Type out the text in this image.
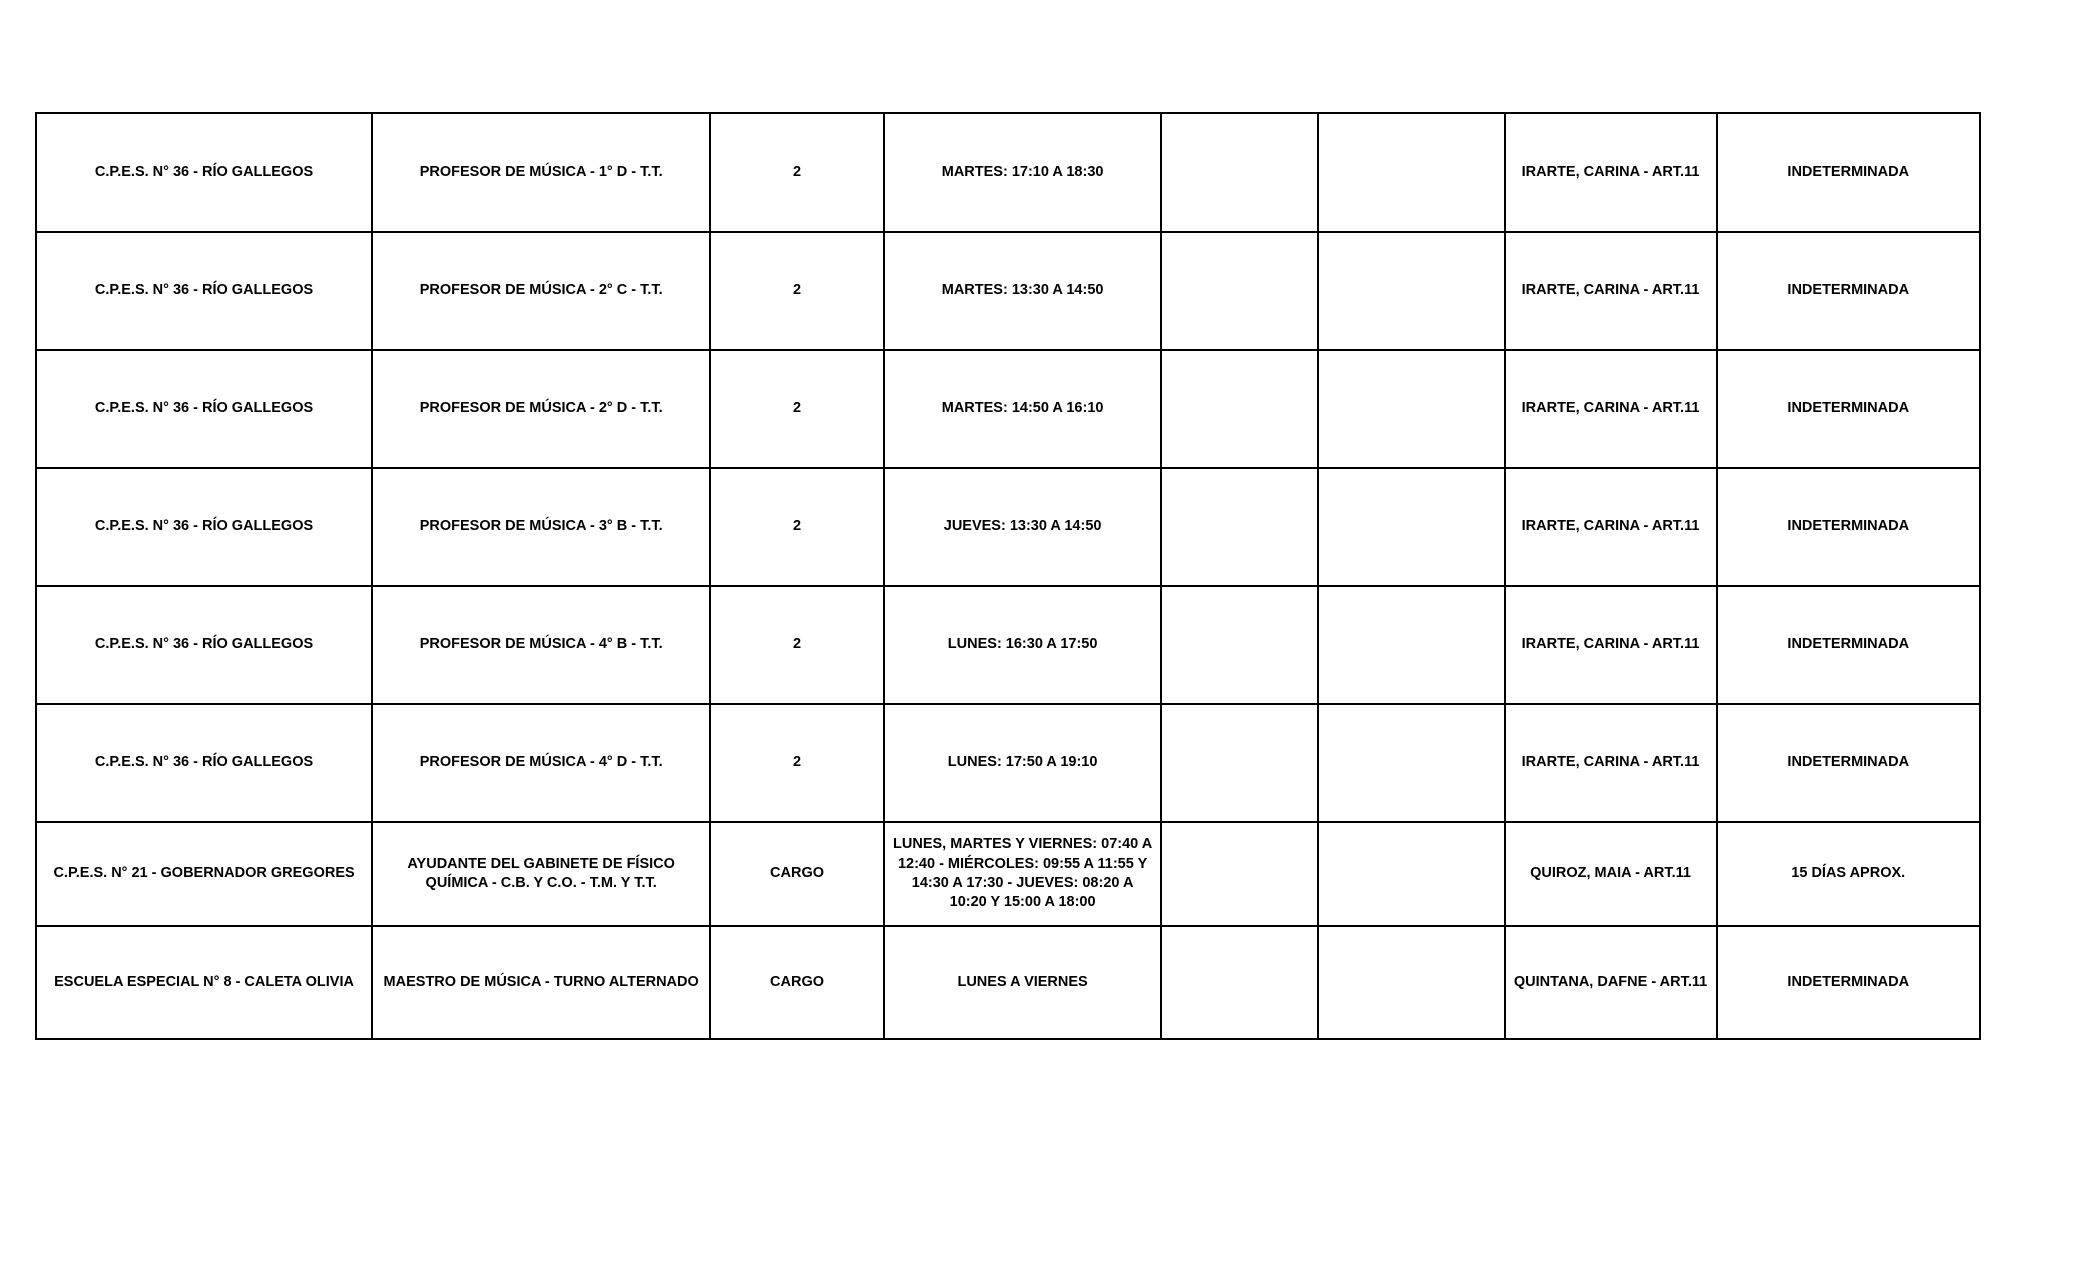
C.P.E.S. N° 36 - RÍO GALLEGOS	PROFESOR DE MÚSICA - 1° D - T.T.	2	MARTES: 17:10 A 18:30			IRARTE, CARINA - ART.11	INDETERMINADA
C.P.E.S. N° 36 - RÍO GALLEGOS	PROFESOR DE MÚSICA - 2° C - T.T.	2	MARTES: 13:30 A 14:50			IRARTE, CARINA - ART.11	INDETERMINADA
C.P.E.S. N° 36 - RÍO GALLEGOS	PROFESOR DE MÚSICA - 2° D - T.T.	2	MARTES: 14:50 A 16:10			IRARTE, CARINA - ART.11	INDETERMINADA
C.P.E.S. N° 36 - RÍO GALLEGOS	PROFESOR DE MÚSICA - 3° B - T.T.	2	JUEVES: 13:30 A 14:50			IRARTE, CARINA - ART.11	INDETERMINADA
C.P.E.S. N° 36 - RÍO GALLEGOS	PROFESOR DE MÚSICA - 4° B - T.T.	2	LUNES: 16:30 A 17:50			IRARTE, CARINA - ART.11	INDETERMINADA
C.P.E.S. N° 36 - RÍO GALLEGOS	PROFESOR DE MÚSICA - 4° D - T.T.	2	LUNES: 17:50 A 19:10			IRARTE, CARINA - ART.11	INDETERMINADA
C.P.E.S. N° 21 - GOBERNADOR GREGORES	AYUDANTE DEL GABINETE DE FÍSICO QUÍMICA - C.B. Y C.O. - T.M. Y T.T.	CARGO	LUNES, MARTES Y VIERNES: 07:40 A 12:40 - MIÉRCOLES: 09:55 A 11:55 Y 14:30 A 17:30 - JUEVES: 08:20 A 10:20 Y 15:00 A 18:00			QUIROZ, MAIA - ART.11	15 DÍAS APROX.
ESCUELA ESPECIAL N° 8 - CALETA OLIVIA	MAESTRO DE MÚSICA - TURNO ALTERNADO	CARGO	LUNES A VIERNES			QUINTANA, DAFNE - ART.11	INDETERMINADA
